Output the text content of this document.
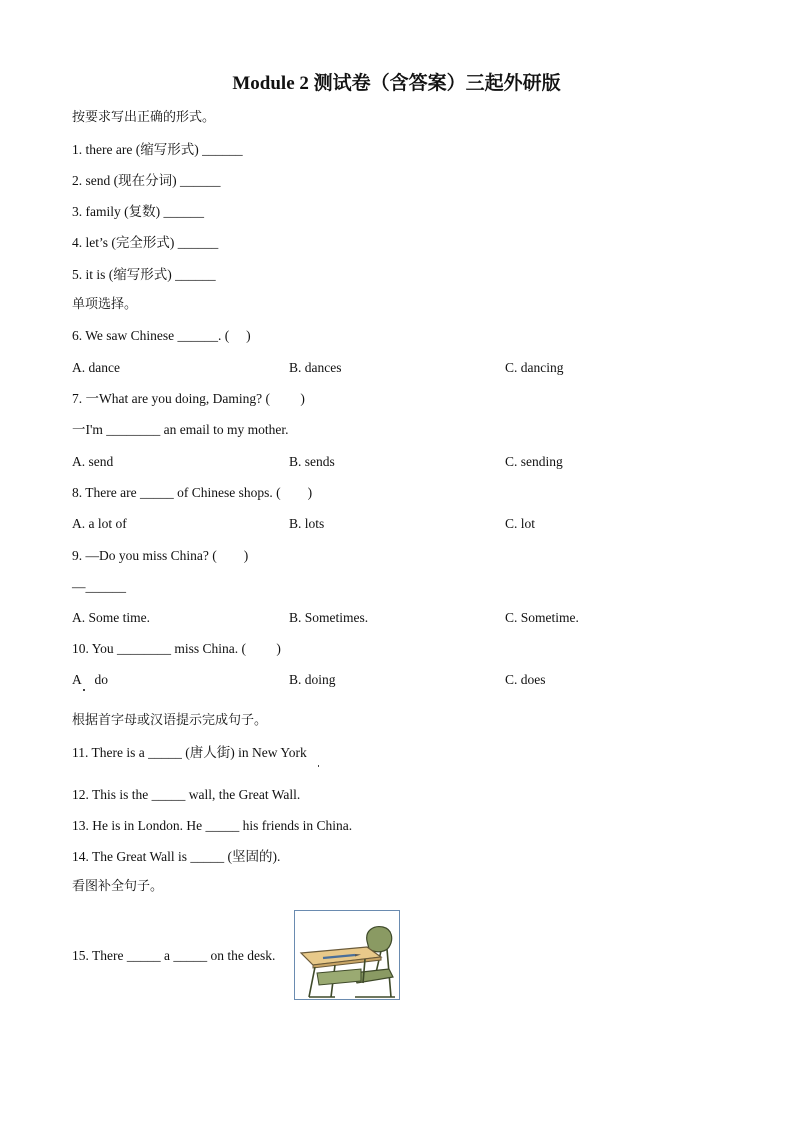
Module 2 测试卷（含答案）三起外研版
按要求写出正确的形式。
1. there are (缩写形式) ______
2. send (现在分词) ______
3. family (复数) ______
4. let’s (完全形式) ______
5. it is (缩写形式) ______
单项选择。
6. We saw Chinese ______. (　 )
A. dance	B. dances	C. dancing
7. 一What are you doing, Daming? (　　 )
一I'm ________ an email to my mother.
A. send	B. sends	C. sending
8. There are _____ of Chinese shops. (　　)
A. a lot of	B. lots	C. lot
9. —Do you miss China? (　　)
—______
A. Some time.	B. Sometimes.	C. Sometime.
10. You ________ miss China. (　　 )
A　do	B. doing	C. does
根据首字母或汉语提示完成句子。
11. There is a _____ (唐人街) in New York
12. This is the _____ wall, the Great Wall.
13. He is in London. He _____ his friends in China.
14. The Great Wall is _____ (坚固的).
看图补全句子。
15. There _____ a _____ on the desk.
